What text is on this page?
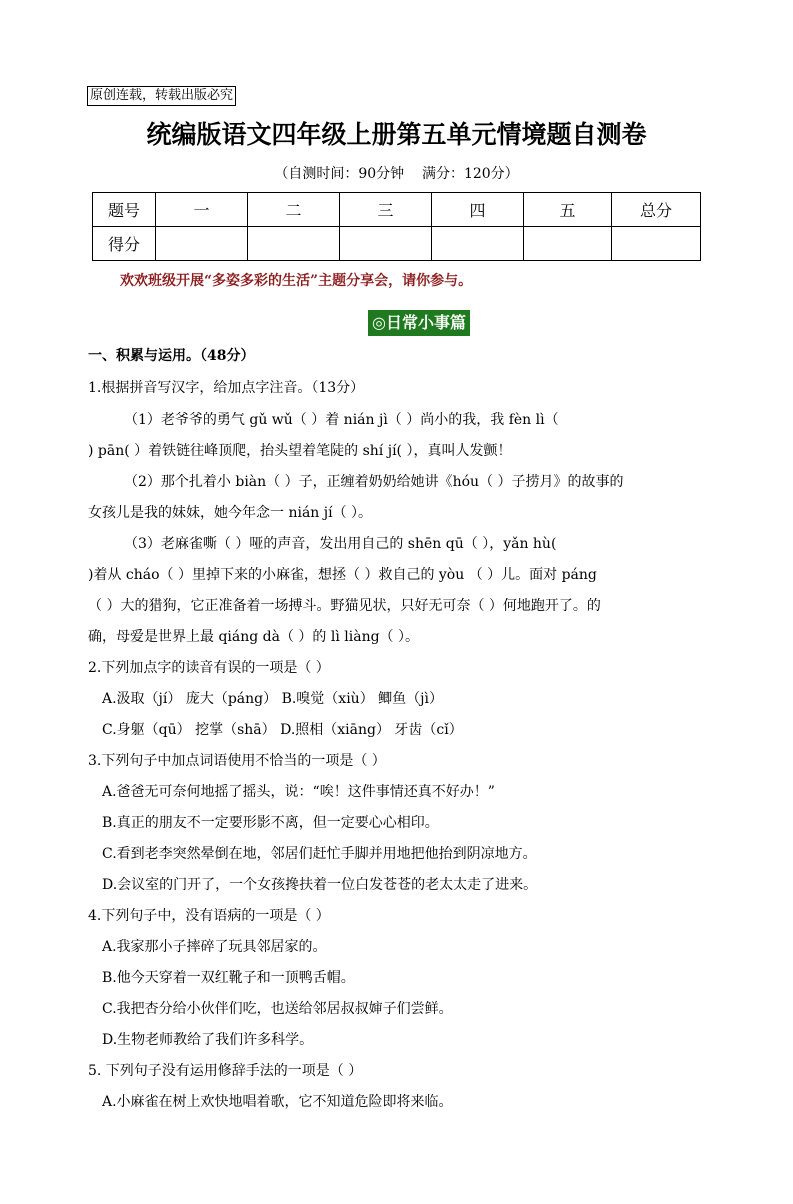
原创连载，转载出版必究
统编版语文四年级上册第五单元情境题自测卷
（自测时间：90分钟    满分：120分）
题号	一	二	三	四	五	总分
得分						
欢欢班级开展“多姿多彩的生活”主题分享会，请你参与。
◎日常小事篇
一、积累与运用。（48分）
1.根据拼音写汉字，给加点字注音。（13分）
（1）老爷爷的勇气 gǔ wǔ（ ）着 nián jì（ ）尚小的我，我 fèn lì（
) pān( ）着铁链往峰顶爬，抬头望着笔陡的 shí jí( ），真叫人发颤！
（2）那个扎着小 biàn（ ）子，正缠着奶奶给她讲《hóu（ ）子捞月》的故事的
女孩儿是我的妹妹，她今年念一 nián jí（ ）。
（3）老麻雀嘶（ ）哑的声音，发出用自己的 shēn qū（ ），yǎn hù(
)着从 cháo（ ）里掉下来的小麻雀，想拯（ ）救自己的 yòu （ ）儿。面对 páng
（ ）大的猎狗，它正准备着一场搏斗。野猫见状，只好无可奈（ ）何地跑开了。的
确，母爱是世界上最 qiáng dà（ ）的 lì liàng（ ）。
2.下列加点字的读音有误的一项是（ ）
A.汲取（jí） 庞大（páng） B.嗅觉（xiù） 鲫鱼（jì）
C.身躯（qū） 挖掌（shā） D.照相（xiāng） 牙齿（cǐ）
3.下列句子中加点词语使用不恰当的一项是（ ）
A.爸爸无可奈何地摇了摇头，说：“唉！这件事情还真不好办！”
B.真正的朋友不一定要形影不离，但一定要心心相印。
C.看到老李突然晕倒在地，邻居们赶忙手脚并用地把他抬到阴凉地方。
D.会议室的门开了，一个女孩搀扶着一位白发苍苍的老太太走了进来。
4.下列句子中，没有语病的一项是（ ）
A.我家那小子摔碎了玩具邻居家的。
B.他今天穿着一双红靴子和一顶鸭舌帽。
C.我把杏分给小伙伴们吃，也送给邻居叔叔婶子们尝鲜。
D.生物老师教给了我们许多科学。
5. 下列句子没有运用修辞手法的一项是（ ）
A.小麻雀在树上欢快地唱着歌，它不知道危险即将来临。
